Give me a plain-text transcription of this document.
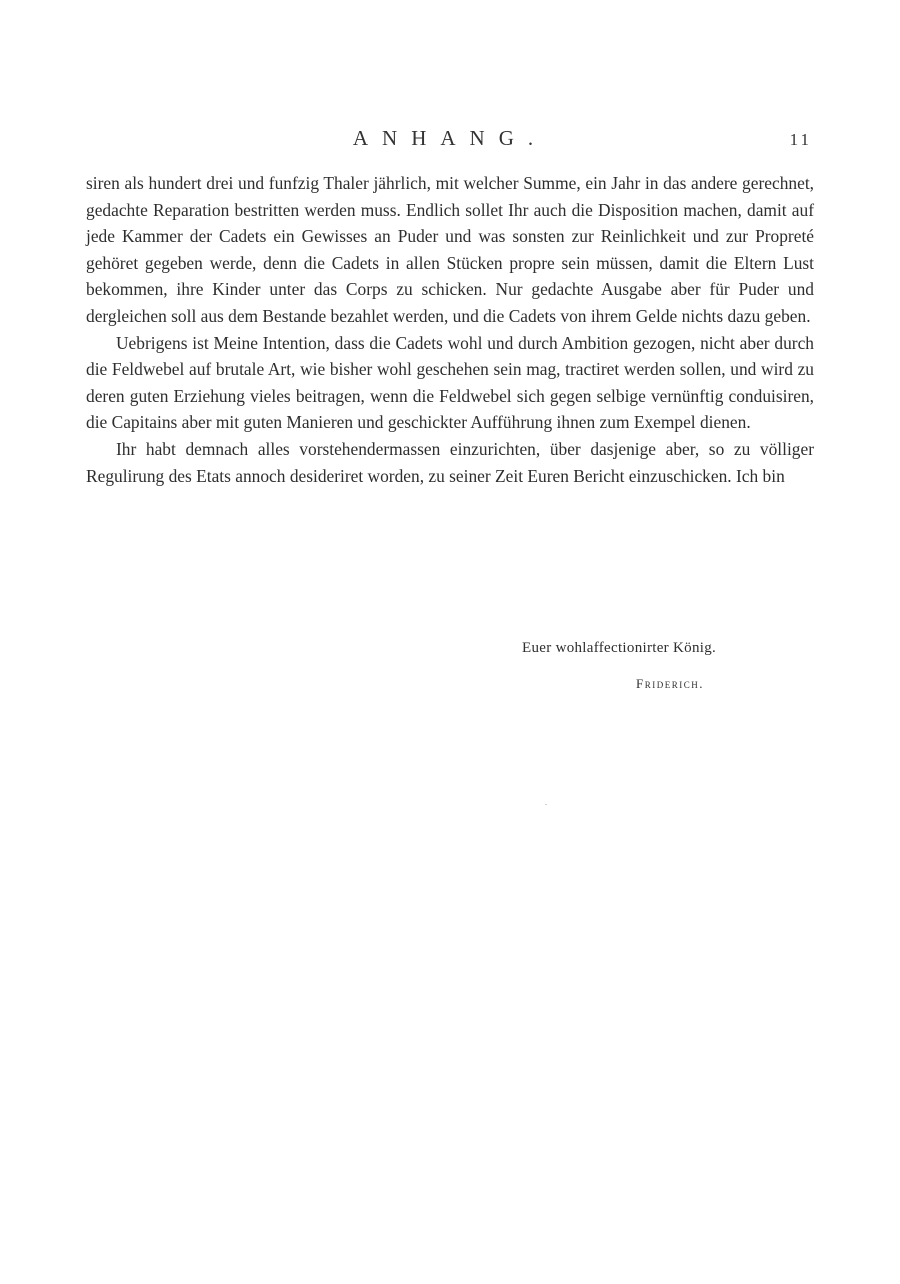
ANHANG.	11

siren als hundert drei und funfzig Thaler jährlich, mit welcher Summe, ein Jahr in das andere gerechnet, gedachte Reparation bestritten werden muss. Endlich sollet Ihr auch die Disposition machen, damit auf jede Kammer der Cadets ein Gewisses an Puder und was sonsten zur Reinlichkeit und zur Propreté gehöret gegeben werde, denn die Cadets in allen Stücken propre sein müssen, damit die Eltern Lust bekommen, ihre Kinder unter das Corps zu schicken. Nur gedachte Ausgabe aber für Puder und dergleichen soll aus dem Bestande bezahlet werden, und die Cadets von ihrem Gelde nichts dazu geben.

Uebrigens ist Meine Intention, dass die Cadets wohl und durch Ambition gezogen, nicht aber durch die Feldwebel auf brutale Art, wie bisher wohl geschehen sein mag, tractiret werden sollen, und wird zu deren guten Erziehung vieles beitragen, wenn die Feldwebel sich gegen selbige vernünftig conduisiren, die Capitains aber mit guten Manieren und geschickter Aufführung ihnen zum Exempel dienen.

Ihr habt demnach alles vorstehendermassen einzurichten, über dasjenige aber, so zu völliger Regulirung des Etats annoch desideriret worden, zu seiner Zeit Euren Bericht einzuschicken. Ich bin

Euer wohlaffectionirter König.
Friderich.
